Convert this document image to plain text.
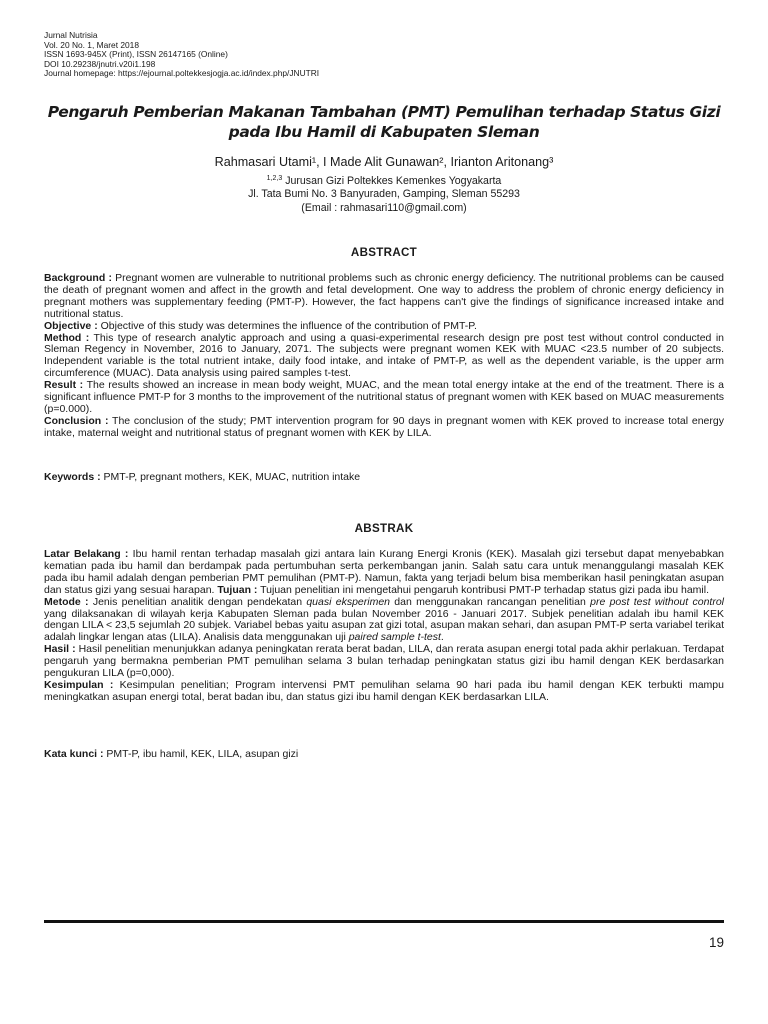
Jurnal Nutrisia
Vol. 20 No. 1, Maret 2018
ISSN 1693-945X (Print), ISSN 26147165 (Online)
DOI 10.29238/jnutri.v20i1.198
Journal homepage: https://ejournal.poltekkesjogja.ac.id/index.php/JNUTRI
Pengaruh Pemberian Makanan Tambahan (PMT) Pemulihan terhadap Status Gizi
pada Ibu Hamil di Kabupaten Sleman
Rahmasari Utami¹, I Made Alit Gunawan², Irianton Aritonang³
$^{1,2,3}$ Jurusan Gizi Poltekkes Kemenkes Yogyakarta
Jl. Tata Bumi No. 3 Banyuraden, Gamping, Sleman 55293
(Email : rahmasari110@gmail.com)
ABSTRACT

Background : Pregnant women are vulnerable to nutritional problems such as chronic energy deficiency. The nutritional problems can be caused the death of pregnant women and affect in the growth and fetal development. One way to address the problem of chronic energy deficiency in pregnant mothers was supplementary feeding (PMT-P). However, the fact happens can't give the findings of significance increased intake and nutritional status.

Objective : Objective of this study was determines the influence of the contribution of PMT-P.

Method : This type of research analytic approach and using a quasi-experimental research design pre post test without control conducted in Sleman Regency in November, 2016 to January, 2071. The subjects were pregnant women KEK with MUAC <23.5 number of 20 subjects. Independent variable is the total nutrient intake, daily food intake, and intake of PMT-P, as well as the dependent variable, is the upper arm circumference (MUAC). Data analysis using paired samples t-test.

Result : The results showed an increase in mean body weight, MUAC, and the mean total energy intake at the end of the treatment. There is a significant influence PMT-P for 3 months to the improvement of the nutritional status of pregnant women with KEK based on MUAC measurements (p=0.000).

Conclusion : The conclusion of the study; PMT intervention program for 90 days in pregnant women with KEK proved to increase total energy intake, maternal weight and nutritional status of pregnant women with KEK by LILA.

Keywords : PMT-P, pregnant mothers, KEK, MUAC, nutrition intake
ABSTRAK

Latar Belakang : Ibu hamil rentan terhadap masalah gizi antara lain Kurang Energi Kronis (KEK). Masalah gizi tersebut dapat menyebabkan kematian pada ibu hamil dan berdampak pada pertumbuhan serta perkembangan janin. Salah satu cara untuk menanggulangi masalah KEK pada ibu hamil adalah dengan pemberian PMT pemulihan (PMT-P). Namun, fakta yang terjadi belum bisa memberikan hasil peningkatan asupan dan status gizi yang sesuai harapan. Tujuan : Tujuan penelitian ini mengetahui pengaruh kontribusi PMT-P terhadap status gizi pada ibu hamil.

Metode : Jenis penelitian analitik dengan pendekatan quasi eksperimen dan menggunakan rancangan penelitian pre post test without control yang dilaksanakan di wilayah kerja Kabupaten Sleman pada bulan November 2016 - Januari 2017. Subjek penelitian adalah ibu hamil KEK dengan LILA < 23,5 sejumlah 20 subjek. Variabel bebas yaitu asupan zat gizi total, asupan makan sehari, dan asupan PMT-P serta variabel terikat adalah lingkar lengan atas (LILA). Analisis data menggunakan uji paired sample t-test.

Hasil : Hasil penelitian menunjukkan adanya peningkatan rerata berat badan, LILA, dan rerata asupan energi total pada akhir perlakuan. Terdapat pengaruh yang bermakna pemberian PMT pemulihan selama 3 bulan terhadap peningkatan status gizi ibu hamil dengan KEK berdasarkan pengukuran LILA (p=0,000).

Kesimpulan : Kesimpulan penelitian; Program intervensi PMT pemulihan selama 90 hari pada ibu hamil dengan KEK terbukti mampu meningkatkan asupan energi total, berat badan ibu, dan status gizi ibu hamil dengan KEK berdasarkan LILA.

Kata kunci : PMT-P, ibu hamil, KEK, LILA, asupan gizi
19
